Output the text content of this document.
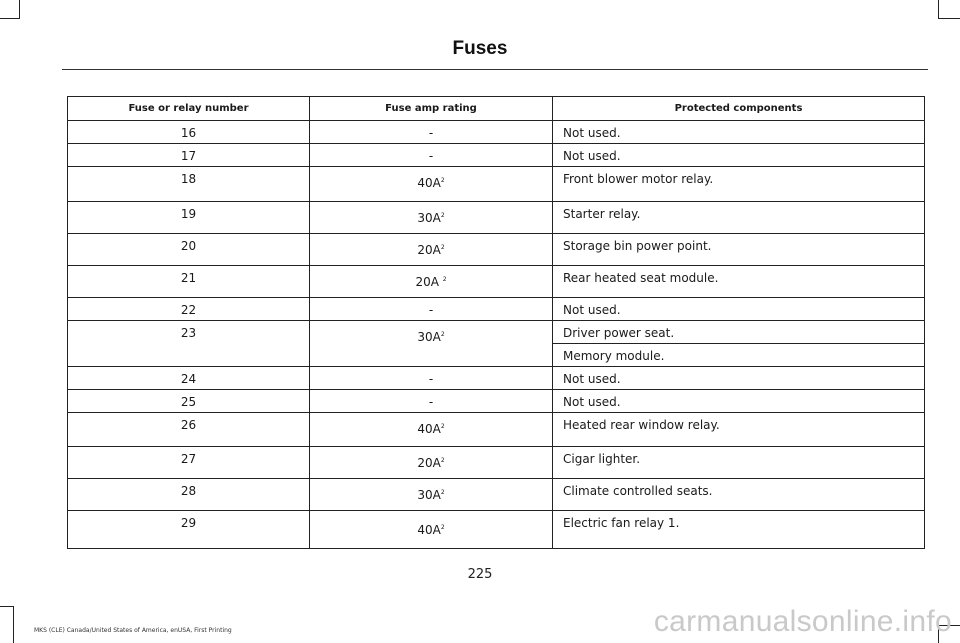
Fuses
Fuse or relay number	Fuse amp rating	Protected components
16	-	Not used.
17	-	Not used.
18	$40A^2$	Front blower motor relay.
19	$30A^2$	Starter relay.
20	$20A^2$	Storage bin power point.
21	20A $^2$	Rear heated seat module.
22	-	Not used.
23	$30A^2$	Driver power seat.
		Memory module.
24	-	Not used.
25	-	Not used.
26	$40A^2$	Heated rear window relay.
27	$20A^2$	Cigar lighter.
28	$30A^2$	Climate controlled seats.
29	$40A^2$	Electric fan relay 1.
225
MKS (CLE) Canada/United States of America, enUSA, First Printing	carmanualsonline.info
